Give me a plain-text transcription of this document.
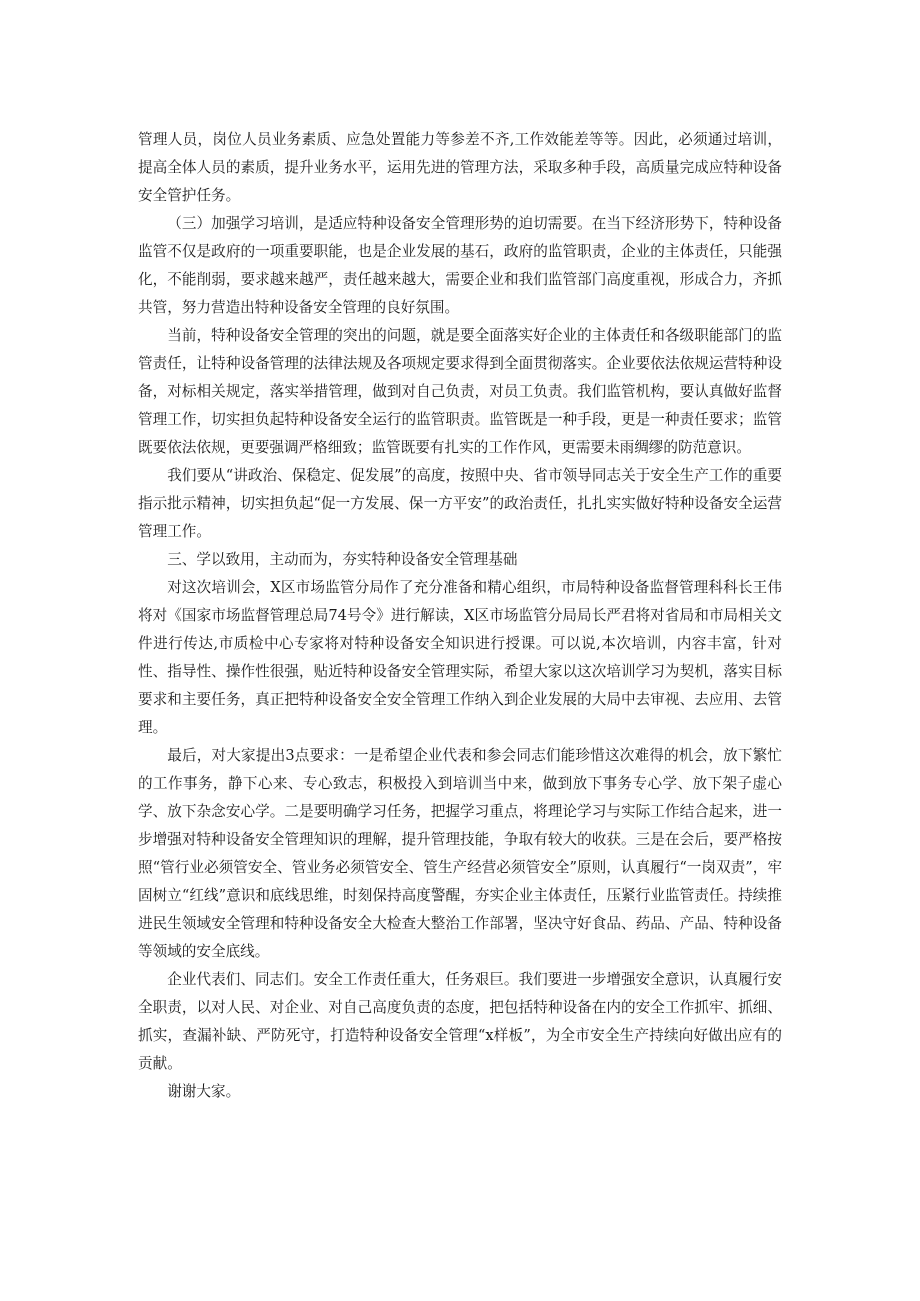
管理人员，岗位人员业务素质、应急处置能力等参差不齐,工作效能差等等。因此，必须通过培训，提高全体人员的素质，提升业务水平，运用先进的管理方法，采取多种手段，高质量完成应特种设备安全管护任务。

（三）加强学习培训，是适应特种设备安全管理形势的迫切需要。在当下经济形势下，特种设备监管不仅是政府的一项重要职能，也是企业发展的基石，政府的监管职责，企业的主体责任，只能强化，不能削弱，要求越来越严，责任越来越大，需要企业和我们监管部门高度重视，形成合力，齐抓共管，努力营造出特种设备安全管理的良好氛围。

当前，特种设备安全管理的突出的问题，就是要全面落实好企业的主体责任和各级职能部门的监管责任，让特种设备管理的法律法规及各项规定要求得到全面贯彻落实。企业要依法依规运营特种设备，对标相关规定，落实举措管理，做到对自己负责，对员工负责。我们监管机构，要认真做好监督管理工作，切实担负起特种设备安全运行的监管职责。监管既是一种手段，更是一种责任要求；监管既要依法依规，更要强调严格细致；监管既要有扎实的工作作风，更需要未雨绸缪的防范意识。

我们要从“讲政治、保稳定、促发展”的高度，按照中央、省市领导同志关于安全生产工作的重要指示批示精神，切实担负起“促一方发展、保一方平安”的政治责任，扎扎实实做好特种设备安全运营管理工作。

三、学以致用，主动而为，夯实特种设备安全管理基础

对这次培训会，X区市场监管分局作了充分准备和精心组织，市局特种设备监督管理科科长王伟将对《国家市场监督管理总局74号令》进行解读，X区市场监管分局局长严君将对省局和市局相关文件进行传达,市质检中心专家将对特种设备安全知识进行授课。可以说,本次培训，内容丰富，针对性、指导性、操作性很强，贴近特种设备安全管理实际，希望大家以这次培训学习为契机，落实目标要求和主要任务，真正把特种设备安全安全管理工作纳入到企业发展的大局中去审视、去应用、去管理。

最后，对大家提出3点要求：一是希望企业代表和参会同志们能珍惜这次难得的机会，放下繁忙的工作事务，静下心来、专心致志，积极投入到培训当中来，做到放下事务专心学、放下架子虚心学、放下杂念安心学。二是要明确学习任务，把握学习重点，将理论学习与实际工作结合起来，进一步增强对特种设备安全管理知识的理解，提升管理技能，争取有较大的收获。三是在会后，要严格按照“管行业必须管安全、管业务必须管安全、管生产经营必须管安全”原则，认真履行“一岗双责”，牢固树立“红线”意识和底线思维，时刻保持高度警醒，夯实企业主体责任，压紧行业监管责任。持续推进民生领域安全管理和特种设备安全大检查大整治工作部署，坚决守好食品、药品、产品、特种设备等领域的安全底线。

企业代表们、同志们。安全工作责任重大，任务艰巨。我们要进一步增强安全意识，认真履行安全职责，以对人民、对企业、对自己高度负责的态度，把包括特种设备在内的安全工作抓牢、抓细、抓实，查漏补缺、严防死守，打造特种设备安全管理“x样板”，为全市安全生产持续向好做出应有的贡献。

谢谢大家。
